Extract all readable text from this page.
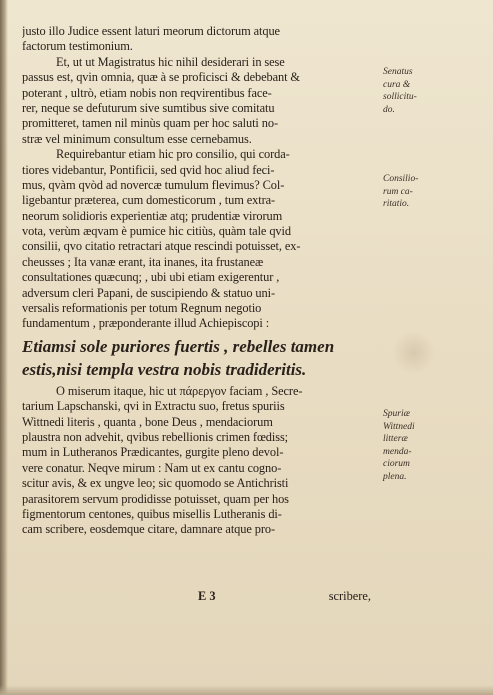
justo illo Judice essent laturi meorum dictorum atque
factorum testimonium.
Et, ut ut Magistratus hic nihil desiderari in sese
passus est, qvin omnia, quæ à se proficisci & debebant &
poterant , ultrò, etiam nobis non reqvirentibus face-
rer, neque se defuturum sive sumtibus sive comitatu
promitteret, tamen nil minùs quam per hoc saluti no-
stræ vel minimum consultum esse cernebamus.
Requirebantur etiam hic pro consilio, qui corda-
tiores videbantur, Pontificii, sed qvid hoc aliud feci-
mus, qvàm qvòd ad novercæ tumulum flevimus? Col-
ligebantur præterea, cum domesticorum , tum extra-
neorum solidioris experientiæ atq; prudentiæ virorum
vota, verùm æqvam è pumice hic citiùs, quàm tale qvid
consilii, qvo citatio retractari atque rescindi potuisset, ex-
cheusses ; Ita vanæ erant, ita inanes, ita frustaneæ
consultationes quæcunq; , ubi ubi etiam exigerentur ,
adversum cleri Papani, de suscipiendo & statuo uni-
versalis reformationis per totum Regnum negotio
fundamentum , præponderante illud Achiepiscopi :
Etiamsi sole puriores fuertis , rebelles tamen
estis,nisi templa vestra nobis tradideritis.
O miserum itaque, hic ut πάρεργον faciam , Secre-
tarium Lapschanski, qvi in Extractu suo, fretus spuriis
Wittnedi literis , quanta , bone Deus , mendaciorum
plaustra non advehit, qvibus rebellionis crimen fœdiss;
mum in Lutheranos Prædicantes, gurgite pleno devol-
vere conatur. Neqve mirum : Nam ut ex cantu cogno-
scitur avis, & ex ungve leo; sic quomodo se Antichristi
parasitorem servum prodidisse potuisset, quam per hos
figmentorum centones, quibus misellis Lutheranis di-
cam scribere, eosdemque citare, damnare atque pro-
E 3	scribere,
Senatus
cura &
sollicitu-
do.
Consilio-
rum ca-
ritatio.
Spuriæ
Wittnedi
litteræ
menda-
ciorum
plena.
